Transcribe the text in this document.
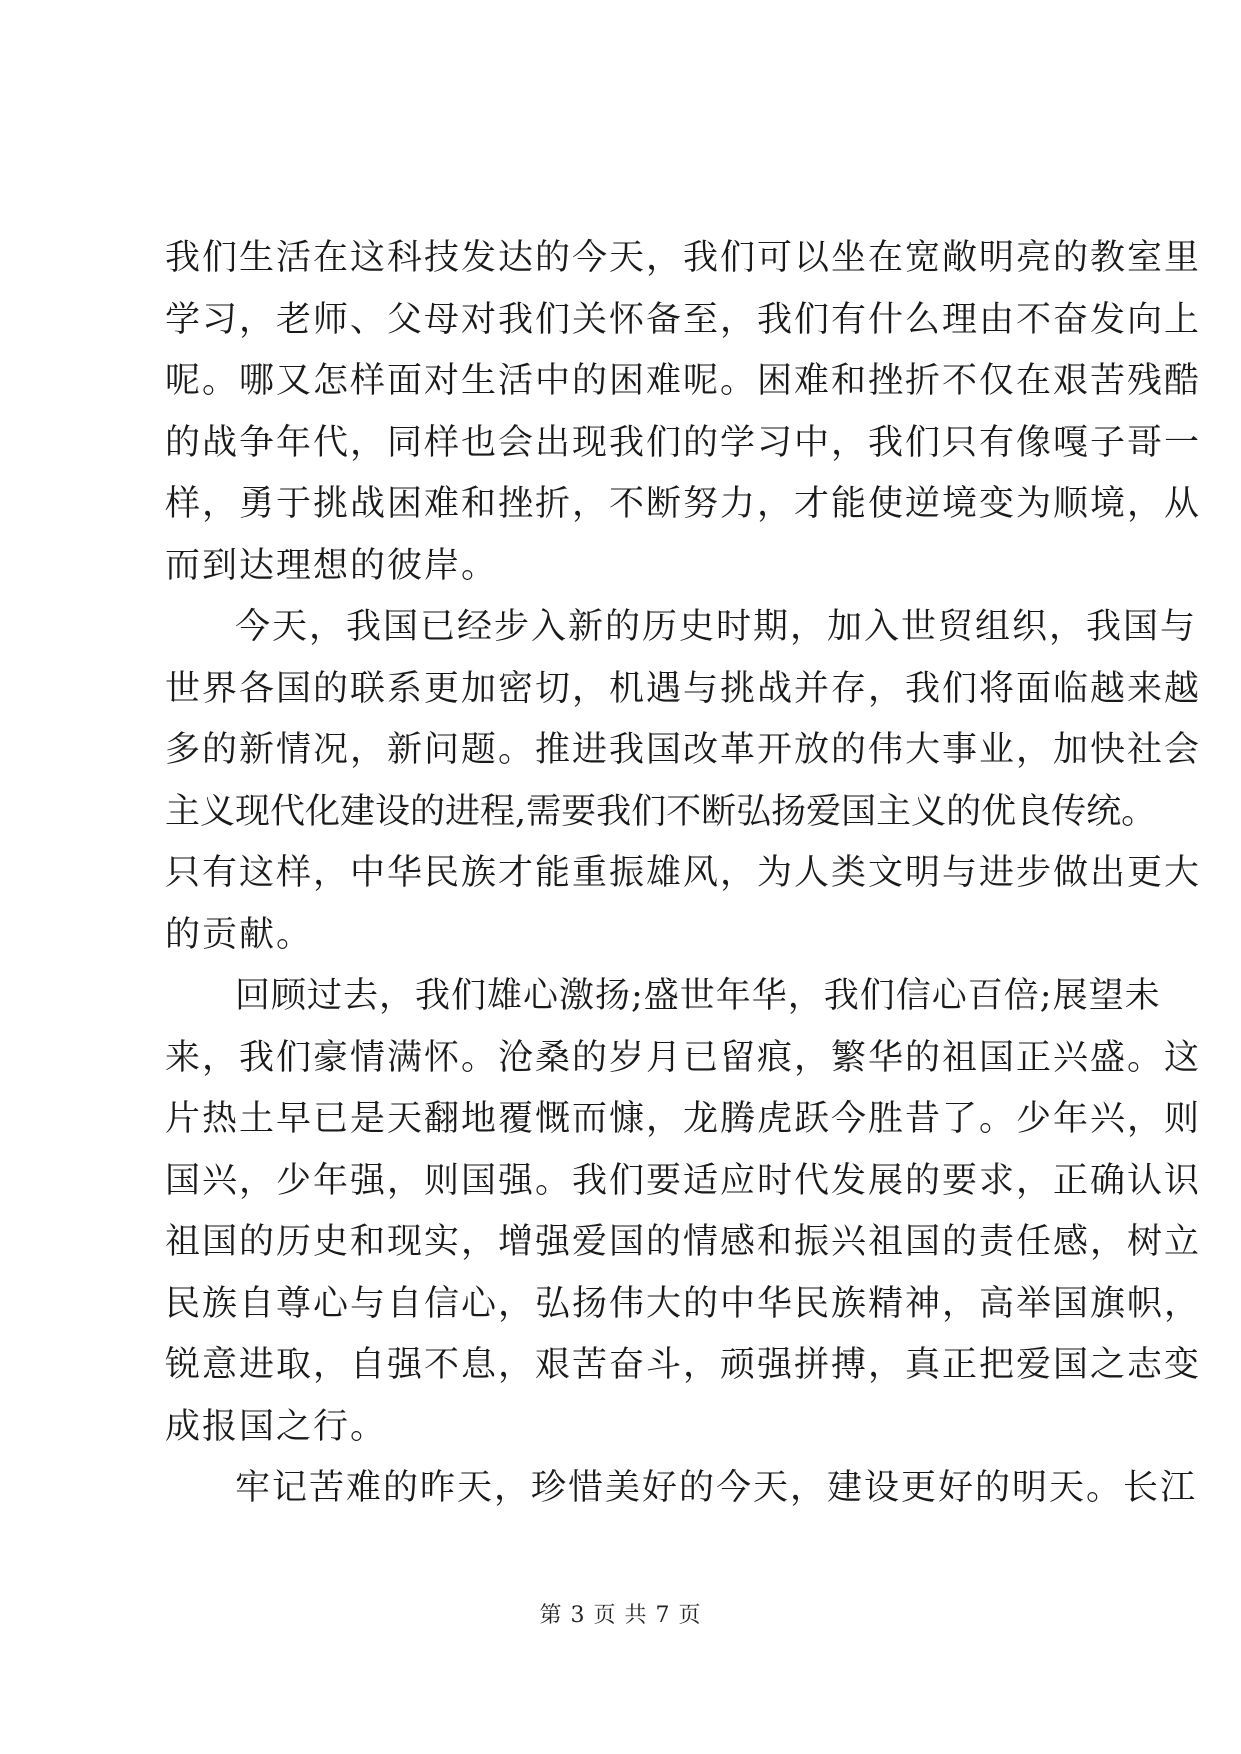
我们生活在这科技发达的今天，我们可以坐在宽敞明亮的教室里
学习，老师、父母对我们关怀备至，我们有什么理由不奋发向上
呢。哪又怎样面对生活中的困难呢。困难和挫折不仅在艰苦残酷
的战争年代，同样也会出现我们的学习中，我们只有像嘎子哥一
样，勇于挑战困难和挫折，不断努力，才能使逆境变为顺境，从
而到达理想的彼岸。
今天，我国已经步入新的历史时期，加入世贸组织，我国与
世界各国的联系更加密切，机遇与挑战并存，我们将面临越来越
多的新情况，新问题。推进我国改革开放的伟大事业，加快社会
主义现代化建设的进程,需要我们不断弘扬爱国主义的优良传统。
只有这样，中华民族才能重振雄风，为人类文明与进步做出更大
的贡献。
回顾过去，我们雄心激扬;盛世年华，我们信心百倍;展望未
来，我们豪情满怀。沧桑的岁月已留痕，繁华的祖国正兴盛。这
片热土早已是天翻地覆慨而慷，龙腾虎跃今胜昔了。少年兴，则
国兴，少年强，则国强。我们要适应时代发展的要求，正确认识
祖国的历史和现实，增强爱国的情感和振兴祖国的责任感，树立
民族自尊心与自信心，弘扬伟大的中华民族精神，高举国旗帜，
锐意进取，自强不息，艰苦奋斗，顽强拼搏，真正把爱国之志变
成报国之行。
牢记苦难的昨天，珍惜美好的今天，建设更好的明天。长江
第 3 页 共 7 页
